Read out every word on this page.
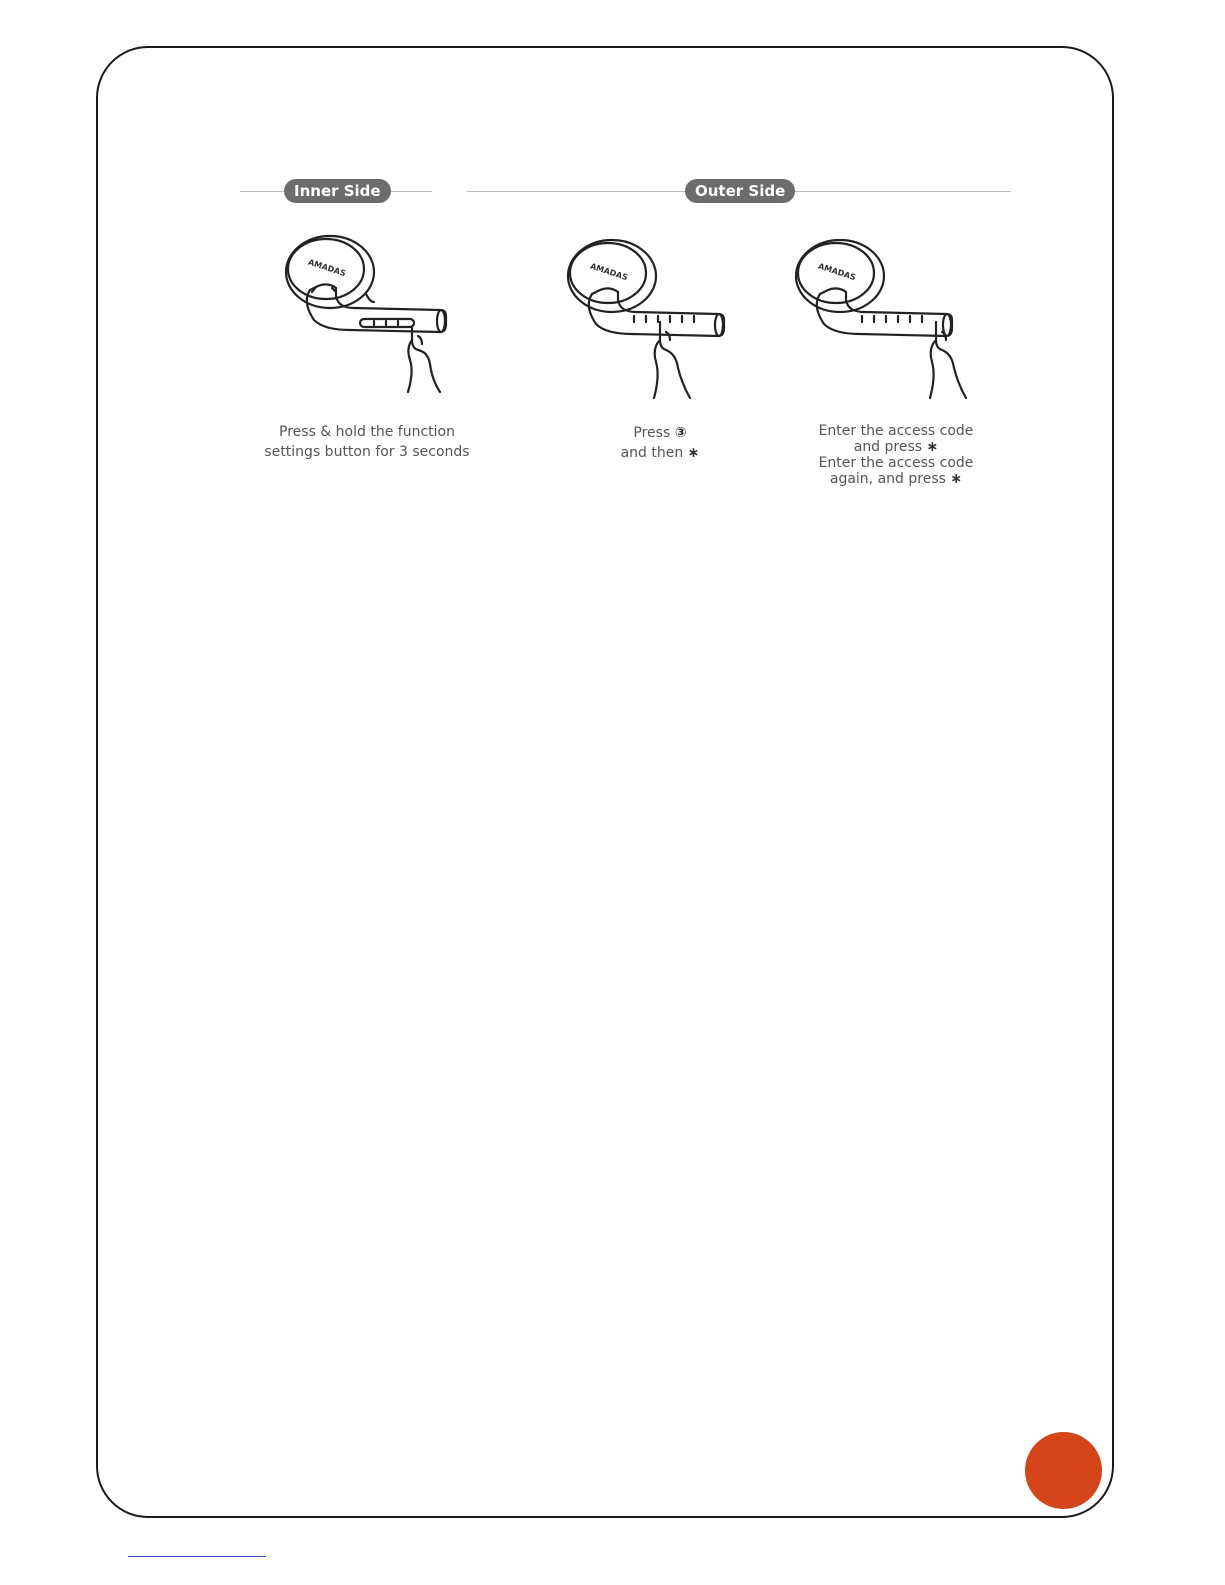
Inner Side	Outer Side
AMADAS	AMADAS	AMADAS
Press & hold the function
settings button for 3 seconds
Press ③
and then ∗
Enter the access code
and press ∗
Enter the access code
again, and press ∗
